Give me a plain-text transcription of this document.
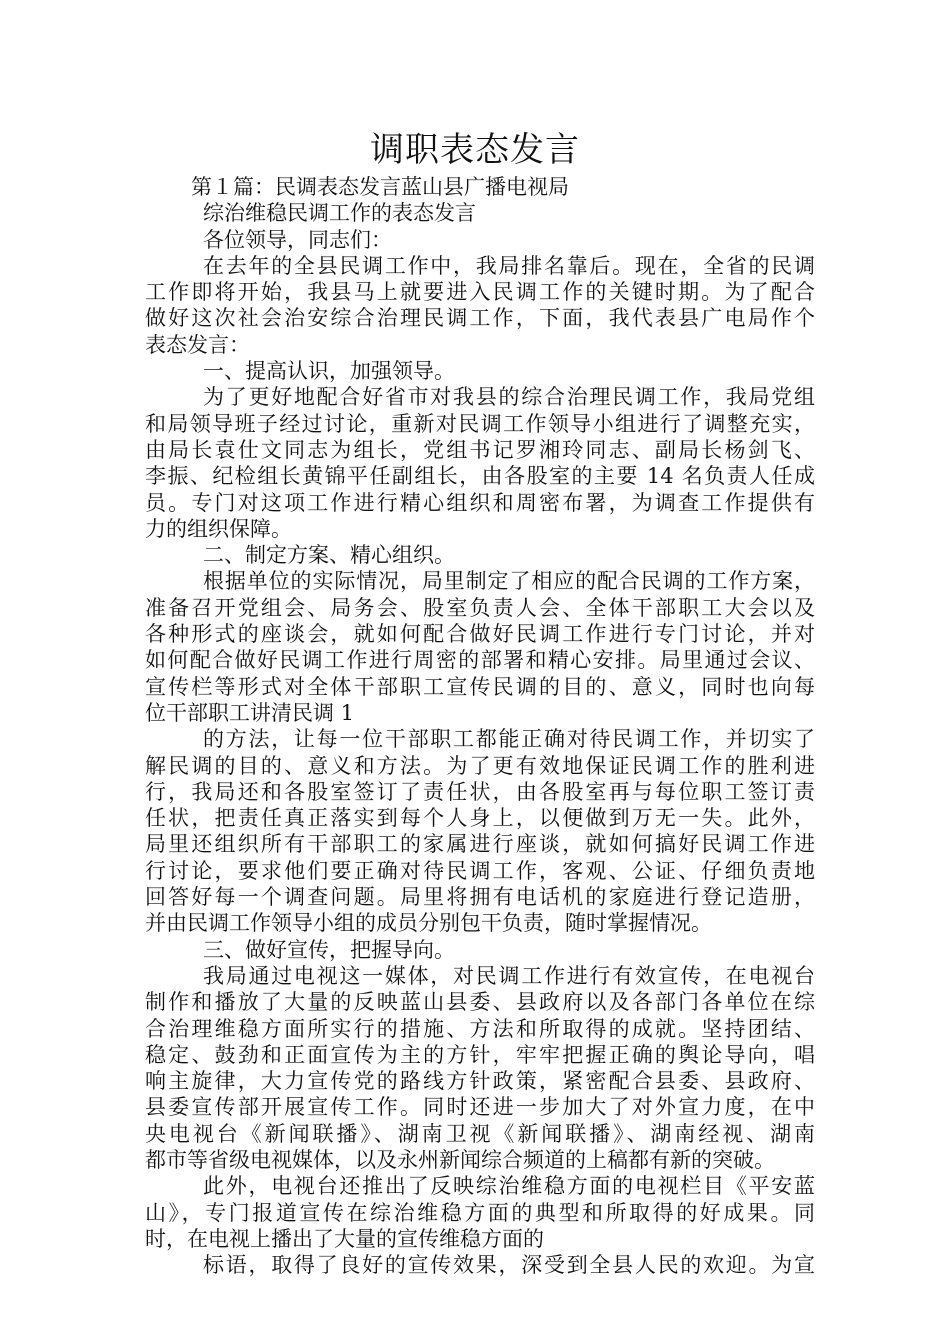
调职表态发言
第１篇：民调表态发言蓝山县广播电视局
综治维稳民调工作的表态发言
各位领导，同志们：
在去年的全县民调工作中，我局排名靠后。现在，全省的民调
工作即将开始，我县马上就要进入民调工作的关键时期。为了配合
做好这次社会治安综合治理民调工作，下面，我代表县广电局作个
表态发言：
一、提高认识，加强领导。
为了更好地配合好省市对我县的综合治理民调工作，我局党组
和局领导班子经过讨论，重新对民调工作领导小组进行了调整充实，
由局长袁仕文同志为组长，党组书记罗湘玲同志、副局长杨剑飞、
李振、纪检组长黄锦平任副组长，由各股室的主要 14 名负责人任成
员。专门对这项工作进行精心组织和周密布署，为调查工作提供有
力的组织保障。
二、制定方案、精心组织。
根据单位的实际情况，局里制定了相应的配合民调的工作方案，
准备召开党组会、局务会、股室负责人会、全体干部职工大会以及
各种形式的座谈会，就如何配合做好民调工作进行专门讨论，并对
如何配合做好民调工作进行周密的部署和精心安排。局里通过会议、
宣传栏等形式对全体干部职工宣传民调的目的、意义，同时也向每
位干部职工讲清民调 1
的方法，让每一位干部职工都能正确对待民调工作，并切实了
解民调的目的、意义和方法。为了更有效地保证民调工作的胜利进
行，我局还和各股室签订了责任状，由各股室再与每位职工签订责
任状，把责任真正落实到每个人身上，以便做到万无一失。此外，
局里还组织所有干部职工的家属进行座谈，就如何搞好民调工作进
行讨论，要求他们要正确对待民调工作，客观、公证、仔细负责地
回答好每一个调查问题。局里将拥有电话机的家庭进行登记造册，
并由民调工作领导小组的成员分别包干负责，随时掌握情况。
三、做好宣传，把握导向。
我局通过电视这一媒体，对民调工作进行有效宣传，在电视台
制作和播放了大量的反映蓝山县委、县政府以及各部门各单位在综
合治理维稳方面所实行的措施、方法和所取得的成就。坚持团结、
稳定、鼓劲和正面宣传为主的方针，牢牢把握正确的舆论导向，唱
响主旋律，大力宣传党的路线方针政策，紧密配合县委、县政府、
县委宣传部开展宣传工作。同时还进一步加大了对外宣力度，在中
央电视台《新闻联播》、湖南卫视《新闻联播》、湖南经视、湖南
都市等省级电视媒体，以及永州新闻综合频道的上稿都有新的突破。
此外，电视台还推出了反映综治维稳方面的电视栏目《平安蓝
山》，专门报道宣传在综治维稳方面的典型和所取得的好成果。同
时，在电视上播出了大量的宣传维稳方面的
标语，取得了良好的宣传效果，深受到全县人民的欢迎。为宣
